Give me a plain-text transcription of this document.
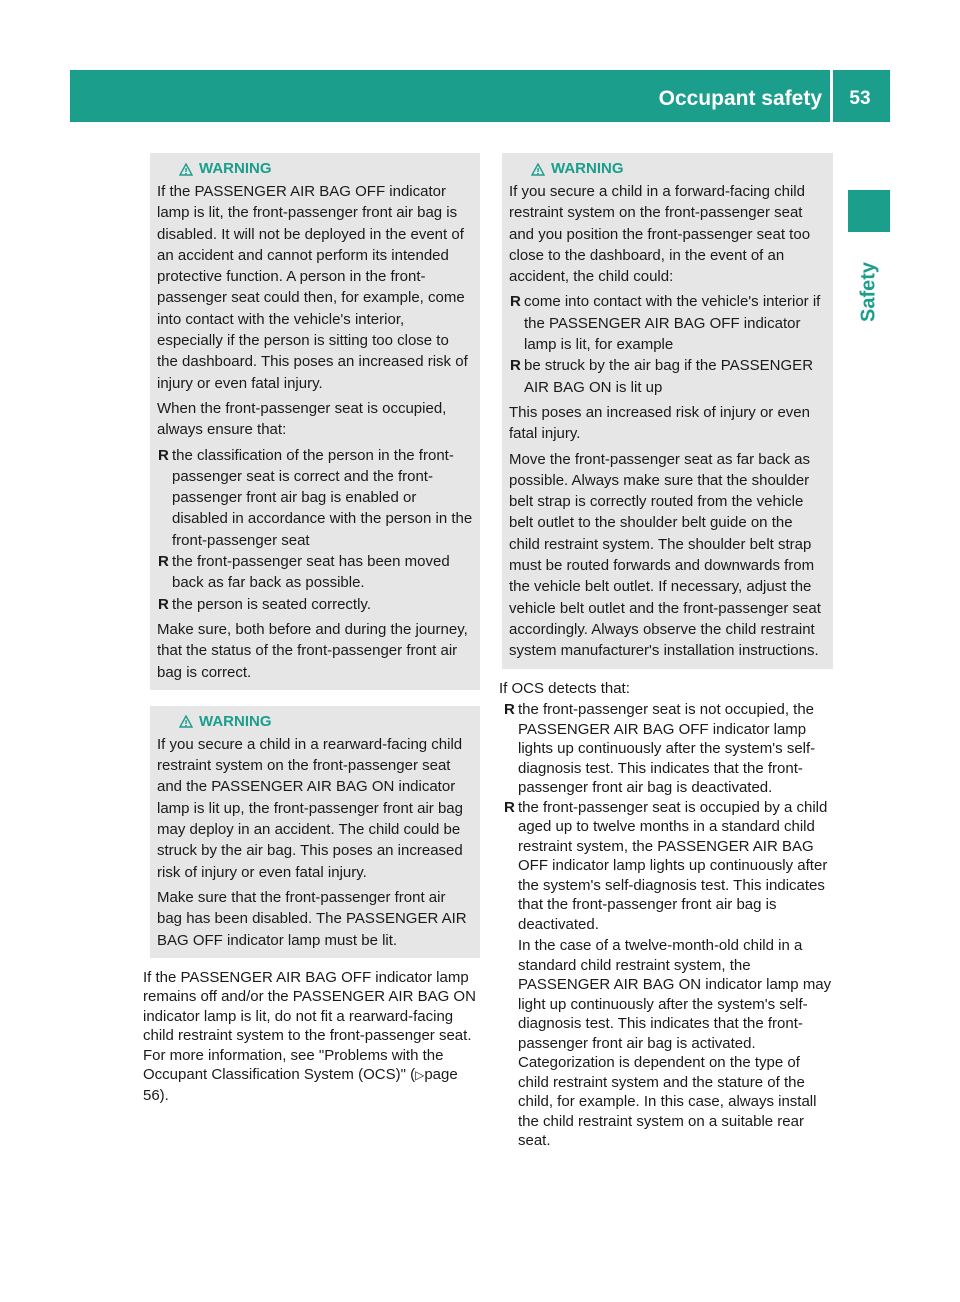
Occupant safety	53
Safety
WARNING

If the PASSENGER AIR BAG OFF indicator lamp is lit, the front-passenger front air bag is disabled. It will not be deployed in the event of an accident and cannot perform its intended protective function. A person in the front-passenger seat could then, for example, come into contact with the vehicle's interior, especially if the person is sitting too close to the dashboard. This poses an increased risk of injury or even fatal injury.

When the front-passenger seat is occupied, always ensure that:

R the classification of the person in the front-passenger seat is correct and the front-passenger front air bag is enabled or disabled in accordance with the person in the front-passenger seat
R the front-passenger seat has been moved back as far back as possible.
R the person is seated correctly.

Make sure, both before and during the journey, that the status of the front-passenger front air bag is correct.

WARNING

If you secure a child in a rearward-facing child restraint system on the front-passenger seat and the PASSENGER AIR BAG ON indicator lamp is lit up, the front-passenger front air bag may deploy in an accident. The child could be struck by the air bag. This poses an increased risk of injury or even fatal injury.

Make sure that the front-passenger front air bag has been disabled. The PASSENGER AIR BAG OFF indicator lamp must be lit.

If the PASSENGER AIR BAG OFF indicator lamp remains off and/or the PASSENGER AIR BAG ON indicator lamp is lit, do not fit a rearward-facing child restraint system to the front-passenger seat. For more information, see "Problems with the Occupant Classification System (OCS)" (▷page 56).

WARNING

If you secure a child in a forward-facing child restraint system on the front-passenger seat and you position the front-passenger seat too close to the dashboard, in the event of an accident, the child could:

R come into contact with the vehicle's interior if the PASSENGER AIR BAG OFF indicator lamp is lit, for example
R be struck by the air bag if the PASSENGER AIR BAG ON is lit up

This poses an increased risk of injury or even fatal injury.

Move the front-passenger seat as far back as possible. Always make sure that the shoulder belt strap is correctly routed from the vehicle belt outlet to the shoulder belt guide on the child restraint system. The shoulder belt strap must be routed forwards and downwards from the vehicle belt outlet. If necessary, adjust the vehicle belt outlet and the front-passenger seat accordingly. Always observe the child restraint system manufacturer's installation instructions.

If OCS detects that:

R the front-passenger seat is not occupied, the PASSENGER AIR BAG OFF indicator lamp lights up continuously after the system's self-diagnosis test. This indicates that the front-passenger front air bag is deactivated.
R the front-passenger seat is occupied by a child aged up to twelve months in a standard child restraint system, the PASSENGER AIR BAG OFF indicator lamp lights up continuously after the system's self-diagnosis test. This indicates that the front-passenger front air bag is deactivated.
In the case of a twelve-month-old child in a standard child restraint system, the PASSENGER AIR BAG ON indicator lamp may light up continuously after the system's self-diagnosis test. This indicates that the front-passenger front air bag is activated. Categorization is dependent on the type of child restraint system and the stature of the child, for example. In this case, always install the child restraint system on a suitable rear seat.
